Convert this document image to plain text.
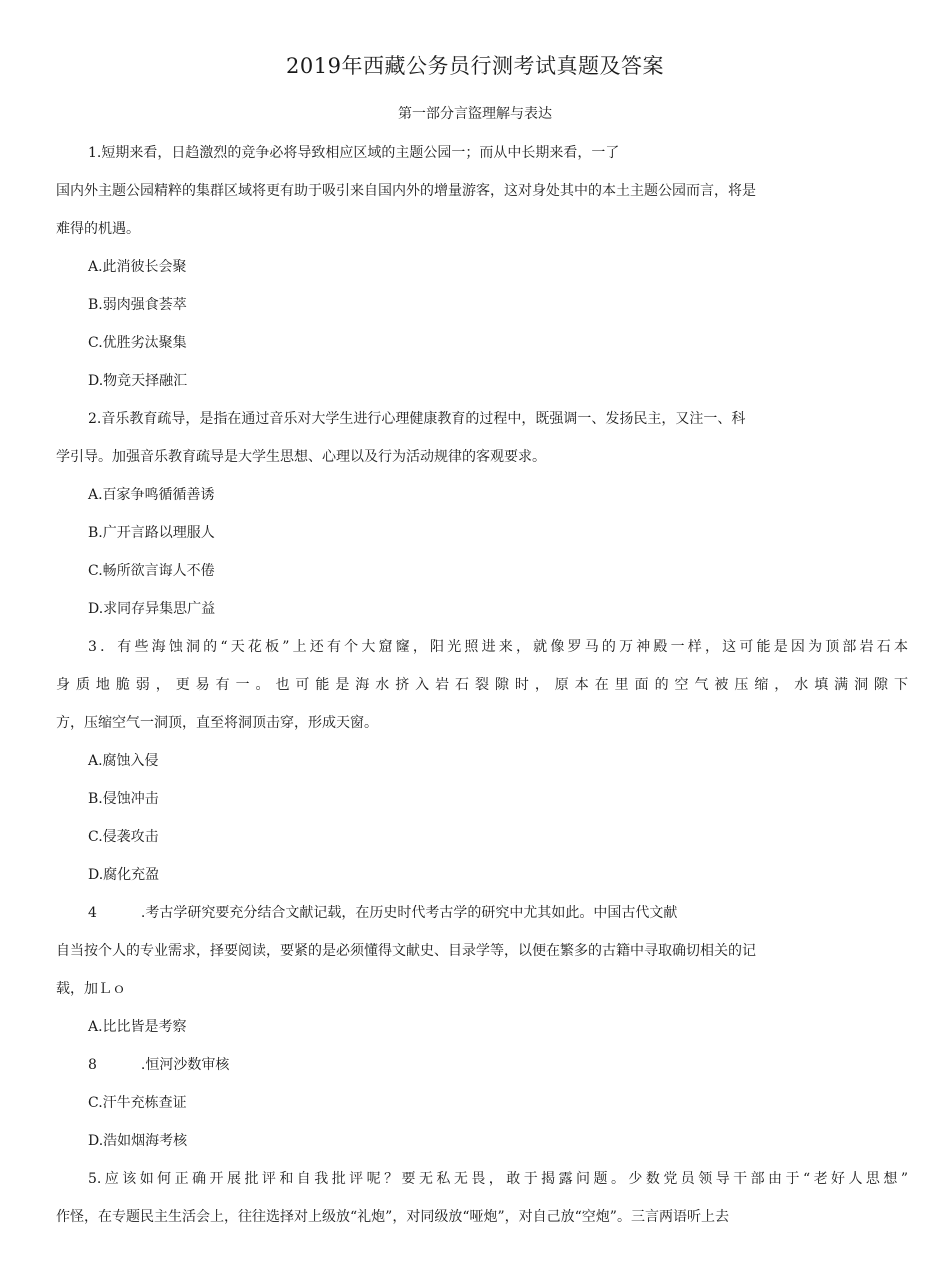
2019年西藏公务员行测考试真题及答案
第一部分言盜理解与表达
1.短期来看，日趋激烈的竞争必将导致相应区域的主题公园一；而从中长期来看，一了
国内外主题公园精粹的集群区域将更有助于吸引来自国内外的增量游客，这对身处其中的本土主题公园而言，将是
难得的机遇。
A.此消彼长会聚
B.弱肉强食荟萃
C.优胜劣汰聚集
D.物竞天择融汇
2.音乐教育疏导，是指在通过音乐对大学生进行心理健康教育的过程中，既强调一、发扬民主，又注一、科
学引导。加强音乐教育疏导是大学生思想、心理以及行为活动规律的客观要求。
A.百家争鸣循循善诱
B.广开言路以理服人
C.畅所欲言诲人不倦
D.求同存异集思广益
3．有些海蚀洞的“天花板”上还有个大窟窿，阳光照进来，就像罗马的万神殿一样，这可能是因为顶部岩石本
身质地脆弱，更易有一。也可能是海水挤入岩石裂隙时，原本在里面的空气被压缩，水填满洞隙下
方，压缩空气一洞顶，直至将洞顶击穿，形成天窗。
A.腐蚀入侵
B.侵蚀冲击
C.侵袭攻击
D.腐化充盈
4	.考古学研究要充分结合文献记载，在历史时代考古学的研究中尤其如此。中国古代文献
自当按个人的专业需求，择要阅读，要紧的是必须懂得文献史、目录学等，以便在繁多的古籍中寻取确切相关的记
载，加Ｌｏ
A.比比皆是考察
8	.恒河沙数审核
C.汗牛充栋查证
D.浩如烟海考核
5.应该如何正确开展批评和自我批评呢？要无私无畏，敢于揭露问题。少数党员领导干部由于“老好人思想”
作怪，在专题民主生活会上，往往选择对上级放“礼炮”，对同级放“哑炮”，对自己放“空炮”。三言两语听上去
